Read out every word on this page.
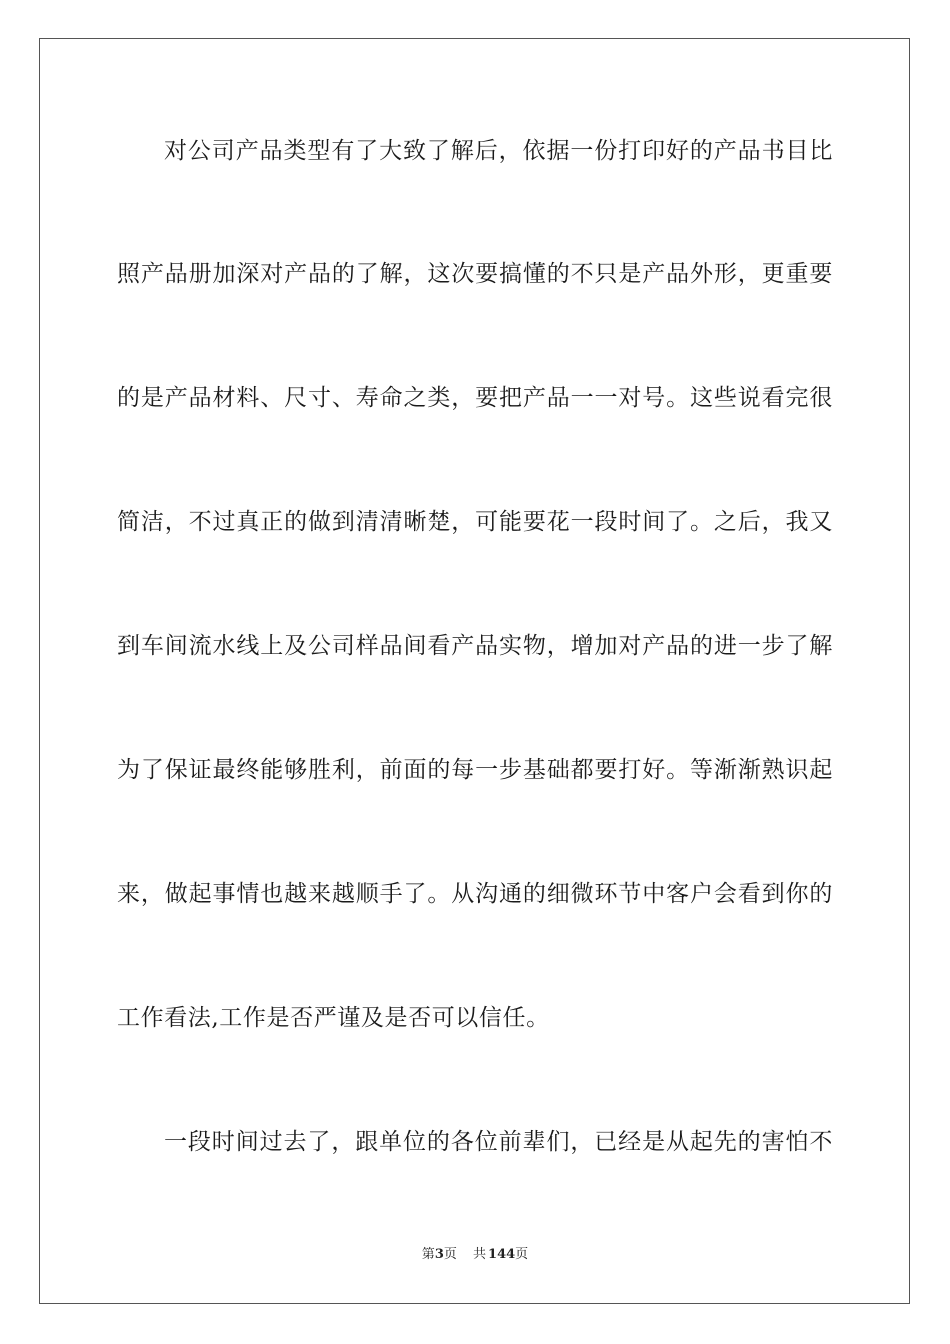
对公司产品类型有了大致了解后，依据一份打印好的产品书目比
照产品册加深对产品的了解，这次要搞懂的不只是产品外形，更重要
的是产品材料、尺寸、寿命之类，要把产品一一对号。这些说看完很
简洁，不过真正的做到清清晰楚，可能要花一段时间了。之后，我又
到车间流水线上及公司样品间看产品实物，增加对产品的进一步了解
为了保证最终能够胜利，前面的每一步基础都要打好。等渐渐熟识起
来，做起事情也越来越顺手了。从沟通的细微环节中客户会看到你的
工作看法,工作是否严谨及是否可以信任。
一段时间过去了，跟单位的各位前辈们，已经是从起先的害怕不
第3页 共 144页
